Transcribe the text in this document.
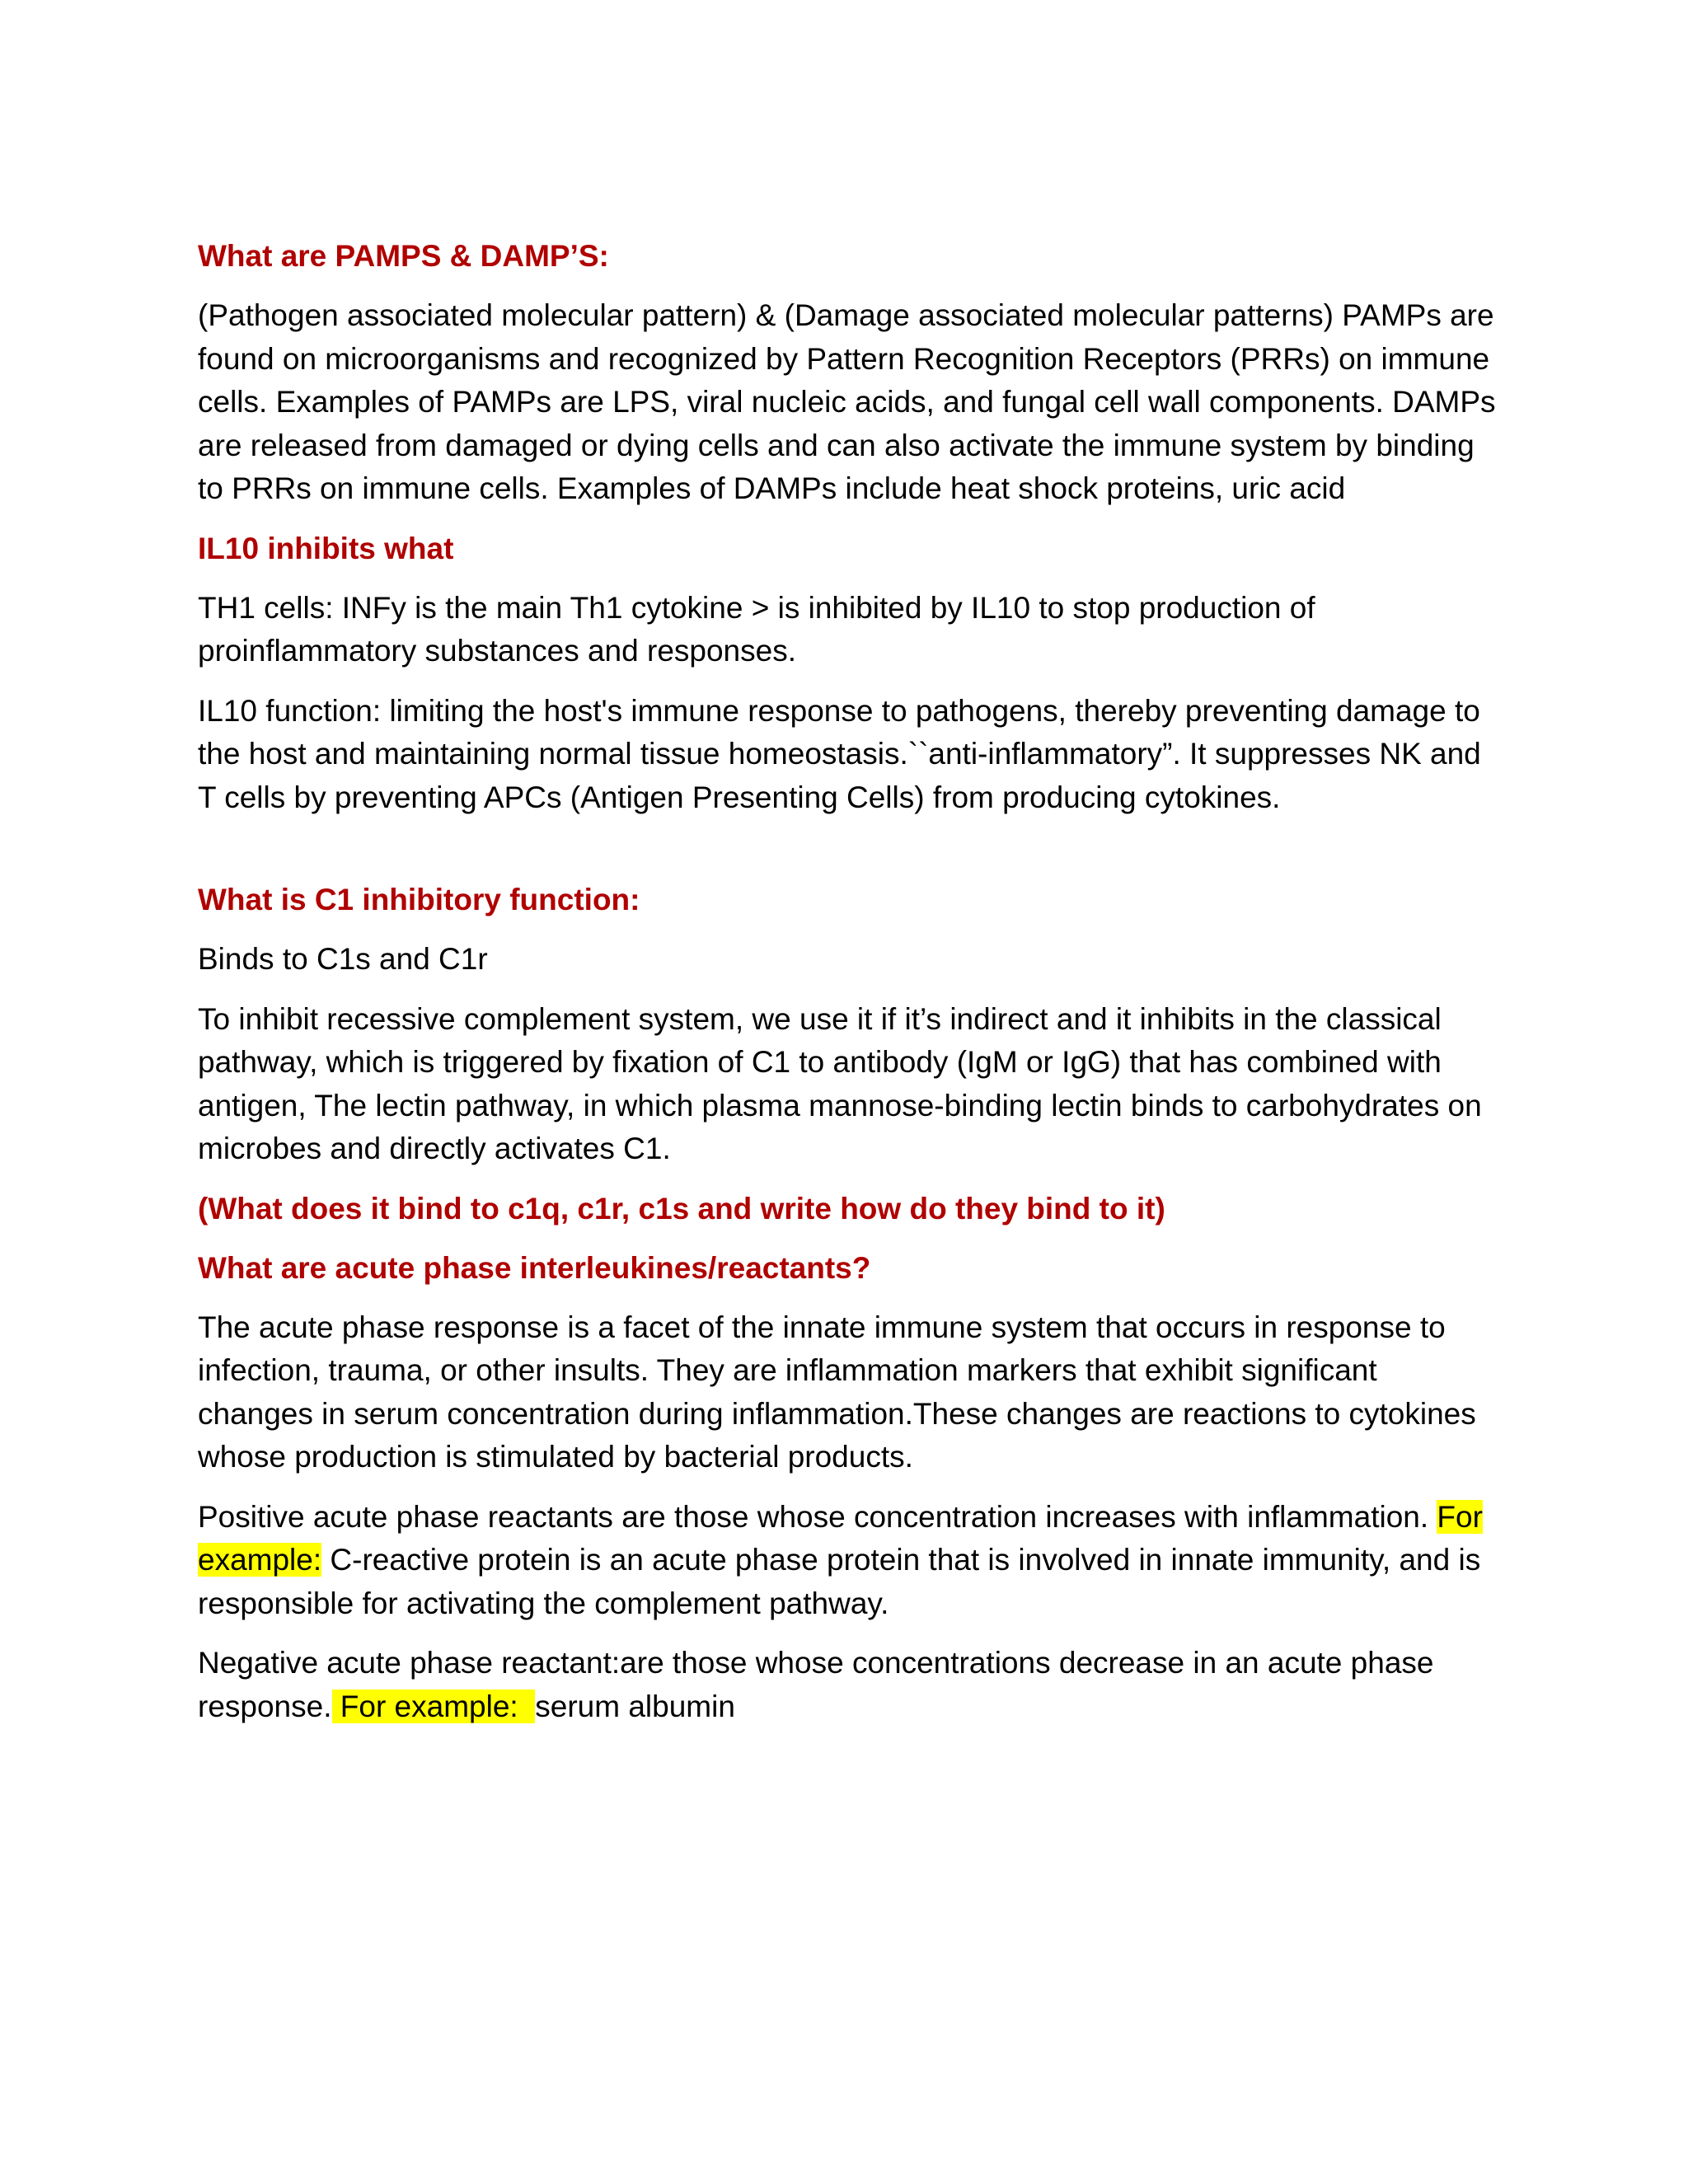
What are PAMPS & DAMP’S:
(Pathogen associated molecular pattern) & (Damage associated molecular patterns) PAMPs are found on microorganisms and recognized by Pattern Recognition Receptors (PRRs) on immune cells. Examples of PAMPs are LPS, viral nucleic acids, and fungal cell wall components. DAMPs are released from damaged or dying cells and can also activate the immune system by binding to PRRs on immune cells. Examples of DAMPs include heat shock proteins, uric acid
IL10 inhibits what
TH1 cells: INFy is the main Th1 cytokine > is inhibited by IL10 to stop production of proinflammatory substances and responses.
IL10 function: limiting the host's immune response to pathogens, thereby preventing damage to the host and maintaining normal tissue homeostasis.``anti-inflammatory”. It suppresses NK and T cells by preventing APCs (Antigen Presenting Cells) from producing cytokines.
What is C1 inhibitory function:
Binds to C1s and C1r
To inhibit recessive complement system, we use it if it’s indirect and it inhibits in the classical pathway, which is triggered by fixation of C1 to antibody (IgM or IgG) that has combined with antigen, The lectin pathway, in which plasma mannose-binding lectin binds to carbohydrates on microbes and directly activates C1.
(What does it bind to c1q, c1r, c1s and write how do they bind to it)
What are acute phase interleukines/reactants?
The acute phase response is a facet of the innate immune system that occurs in response to infection, trauma, or other insults. They are inflammation markers that exhibit significant changes in serum concentration during inflammation.These changes are reactions to cytokines whose production is stimulated by bacterial products.
Positive acute phase reactants are those whose concentration increases with inflammation. For example: C-reactive protein is an acute phase protein that is involved in innate immunity, and is responsible for activating the complement pathway.
Negative acute phase reactant:are those whose concentrations decrease in an acute phase response. For example:  serum albumin
